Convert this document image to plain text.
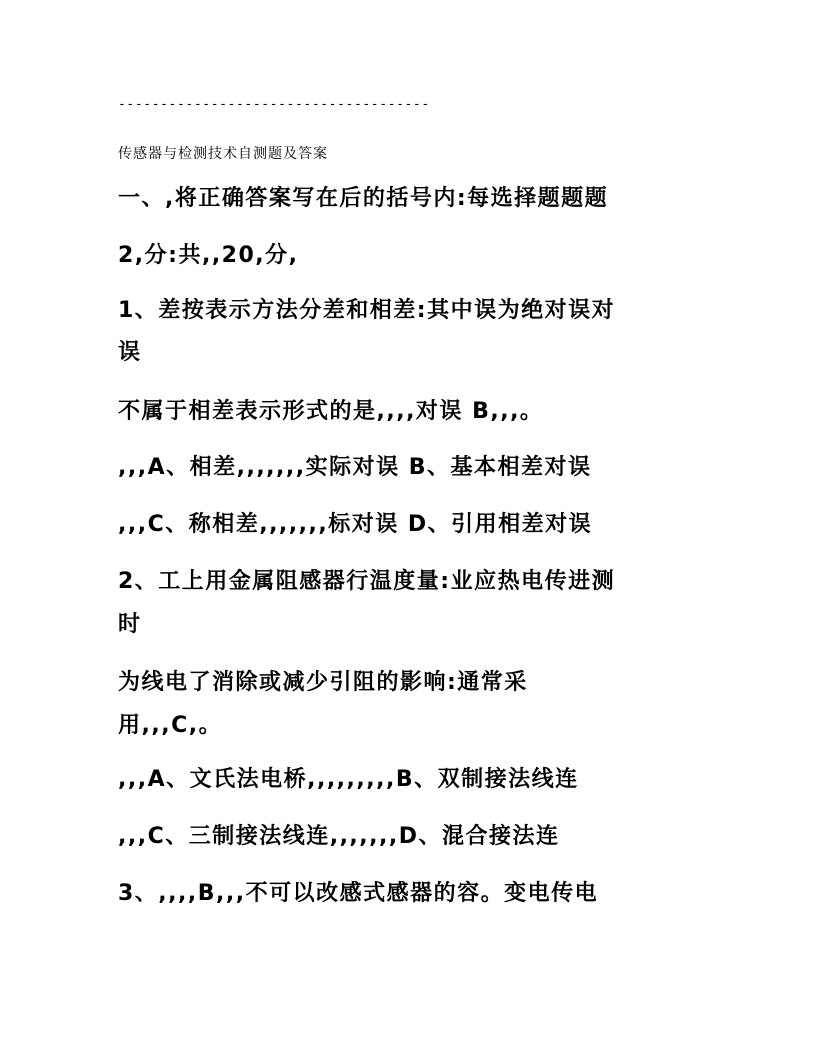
-------------------------------------
传感器与检测技术自测题及答案
一、,将正确答案写在后的括号内:每选择题题题
2,分:共,,20,分,
1、差按表示方法分差和相差:其中误为绝对误对
误
不属于相差表示形式的是,,,,对误 B,,,。
,,,A、相差,,,,,,,实际对误 B、基本相差对误
,,,C、称相差,,,,,,,标对误 D、引用相差对误
2、工上用金属阻感器行温度量:业应热电传进测
时
为线电了消除或减少引阻的影响:通常采
用,,,C,。
,,,A、文氏法电桥,,,,,,,,,B、双制接法线连
,,,C、三制接法线连,,,,,,,D、混合接法连
3、,,,,B,,,不可以改感式感器的容。变电传电
